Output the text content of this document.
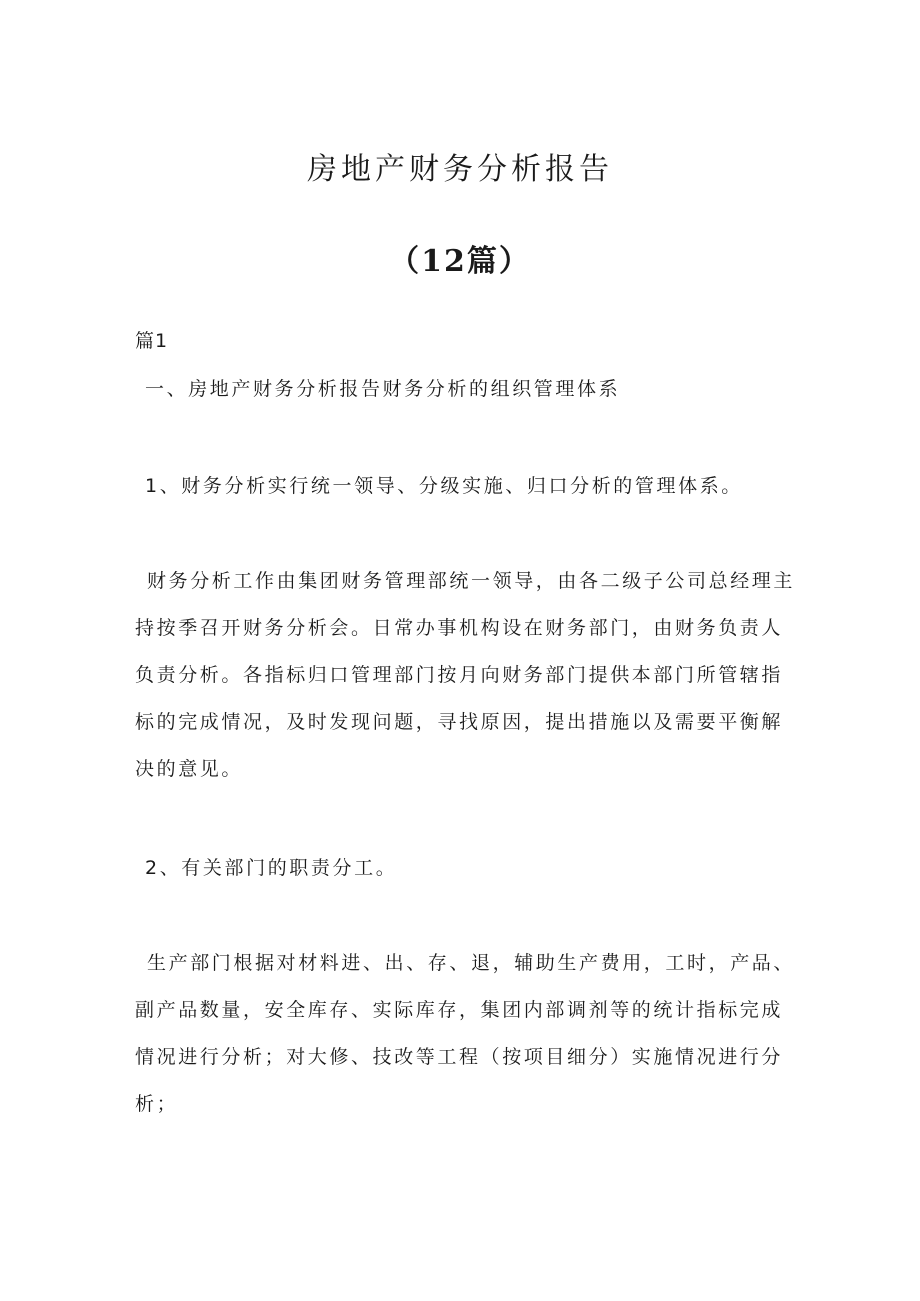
房地产财务分析报告
（12篇）
篇1

一、房地产财务分析报告财务分析的组织管理体系

1、财务分析实行统一领导、分级实施、归口分析的管理体系。

财务分析工作由集团财务管理部统一领导，由各二级子公司总经理主持按季召开财务分析会。日常办事机构设在财务部门，由财务负责人负责分析。各指标归口管理部门按月向财务部门提供本部门所管辖指标的完成情况，及时发现问题，寻找原因，提出措施以及需要平衡解决的意见。

2、有关部门的职责分工。

生产部门根据对材料进、出、存、退，辅助生产费用，工时，产品、副产品数量，安全库存、实际库存，集团内部调剂等的统计指标完成情况进行分析；对大修、技改等工程（按项目细分）实施情况进行分析；
